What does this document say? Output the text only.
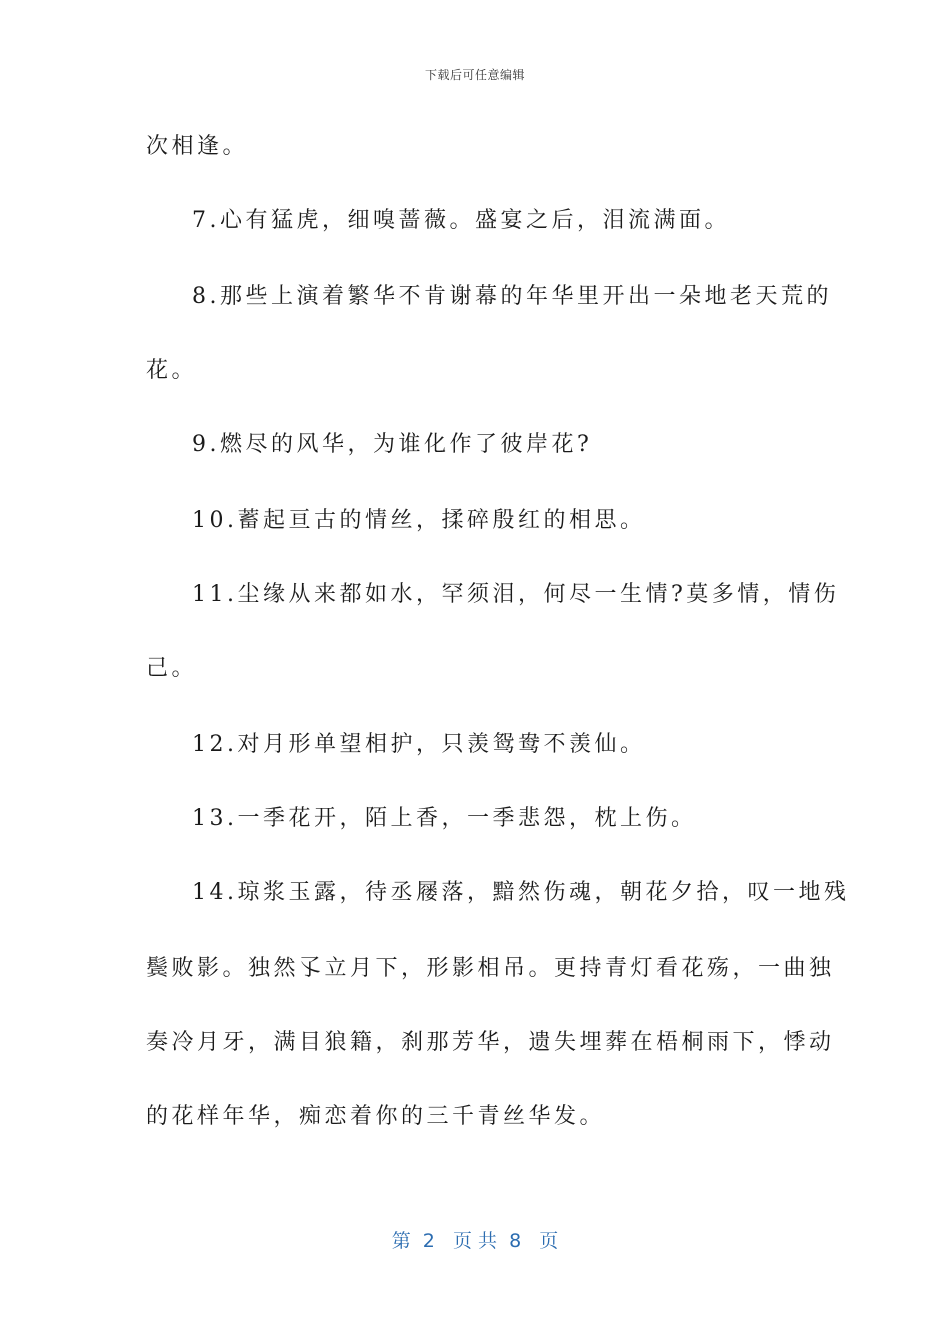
下载后可任意编辑
次相逢。
7.心有猛虎，细嗅蔷薇。盛宴之后，泪流满面。
8.那些上演着繁华不肯谢幕的年华里开出一朵地老天荒的
花。
9.燃尽的风华，为谁化作了彼岸花?
10.蓄起亘古的情丝，揉碎殷红的相思。
11.尘缘从来都如水，罕须泪，何尽一生情?莫多情，情伤
己。
12.对月形单望相护，只羡鸳鸯不羡仙。
13.一季花开，陌上香，一季悲怨，枕上伤。
14.琼浆玉露，待丞屦落，黯然伤魂，朝花夕拾，叹一地残
鬓败影。独然孓立月下，形影相吊。更持青灯看花殇，一曲独
奏冷月牙，满目狼籍，刹那芳华，遗失埋葬在梧桐雨下，悸动
的花样年华，痴恋着你的三千青丝华发。
第  2   页 共  8   页
